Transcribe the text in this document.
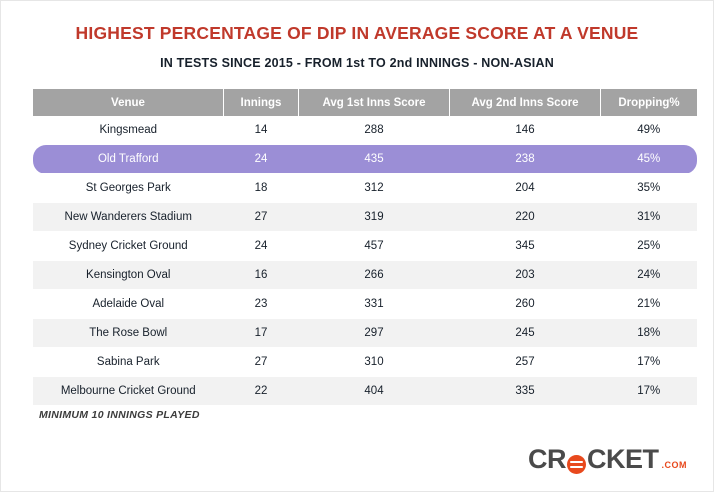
HIGHEST PERCENTAGE OF DIP IN AVERAGE SCORE AT A VENUE
IN TESTS SINCE 2015 - FROM 1st TO 2nd INNINGS - NON-ASIAN
Venue	Innings	Avg 1st Inns Score	Avg 2nd Inns Score	Dropping%
Kingsmead	14	288	146	49%
Old Trafford	24	435	238	45%
St Georges Park	18	312	204	35%
New Wanderers Stadium	27	319	220	31%
Sydney Cricket Ground	24	457	345	25%
Kensington Oval	16	266	203	24%
Adelaide Oval	23	331	260	21%
The Rose Bowl	17	297	245	18%
Sabina Park	27	310	257	17%
Melbourne Cricket Ground	22	404	335	17%
MINIMUM 10 INNINGS PLAYED
CR CKET .COM
